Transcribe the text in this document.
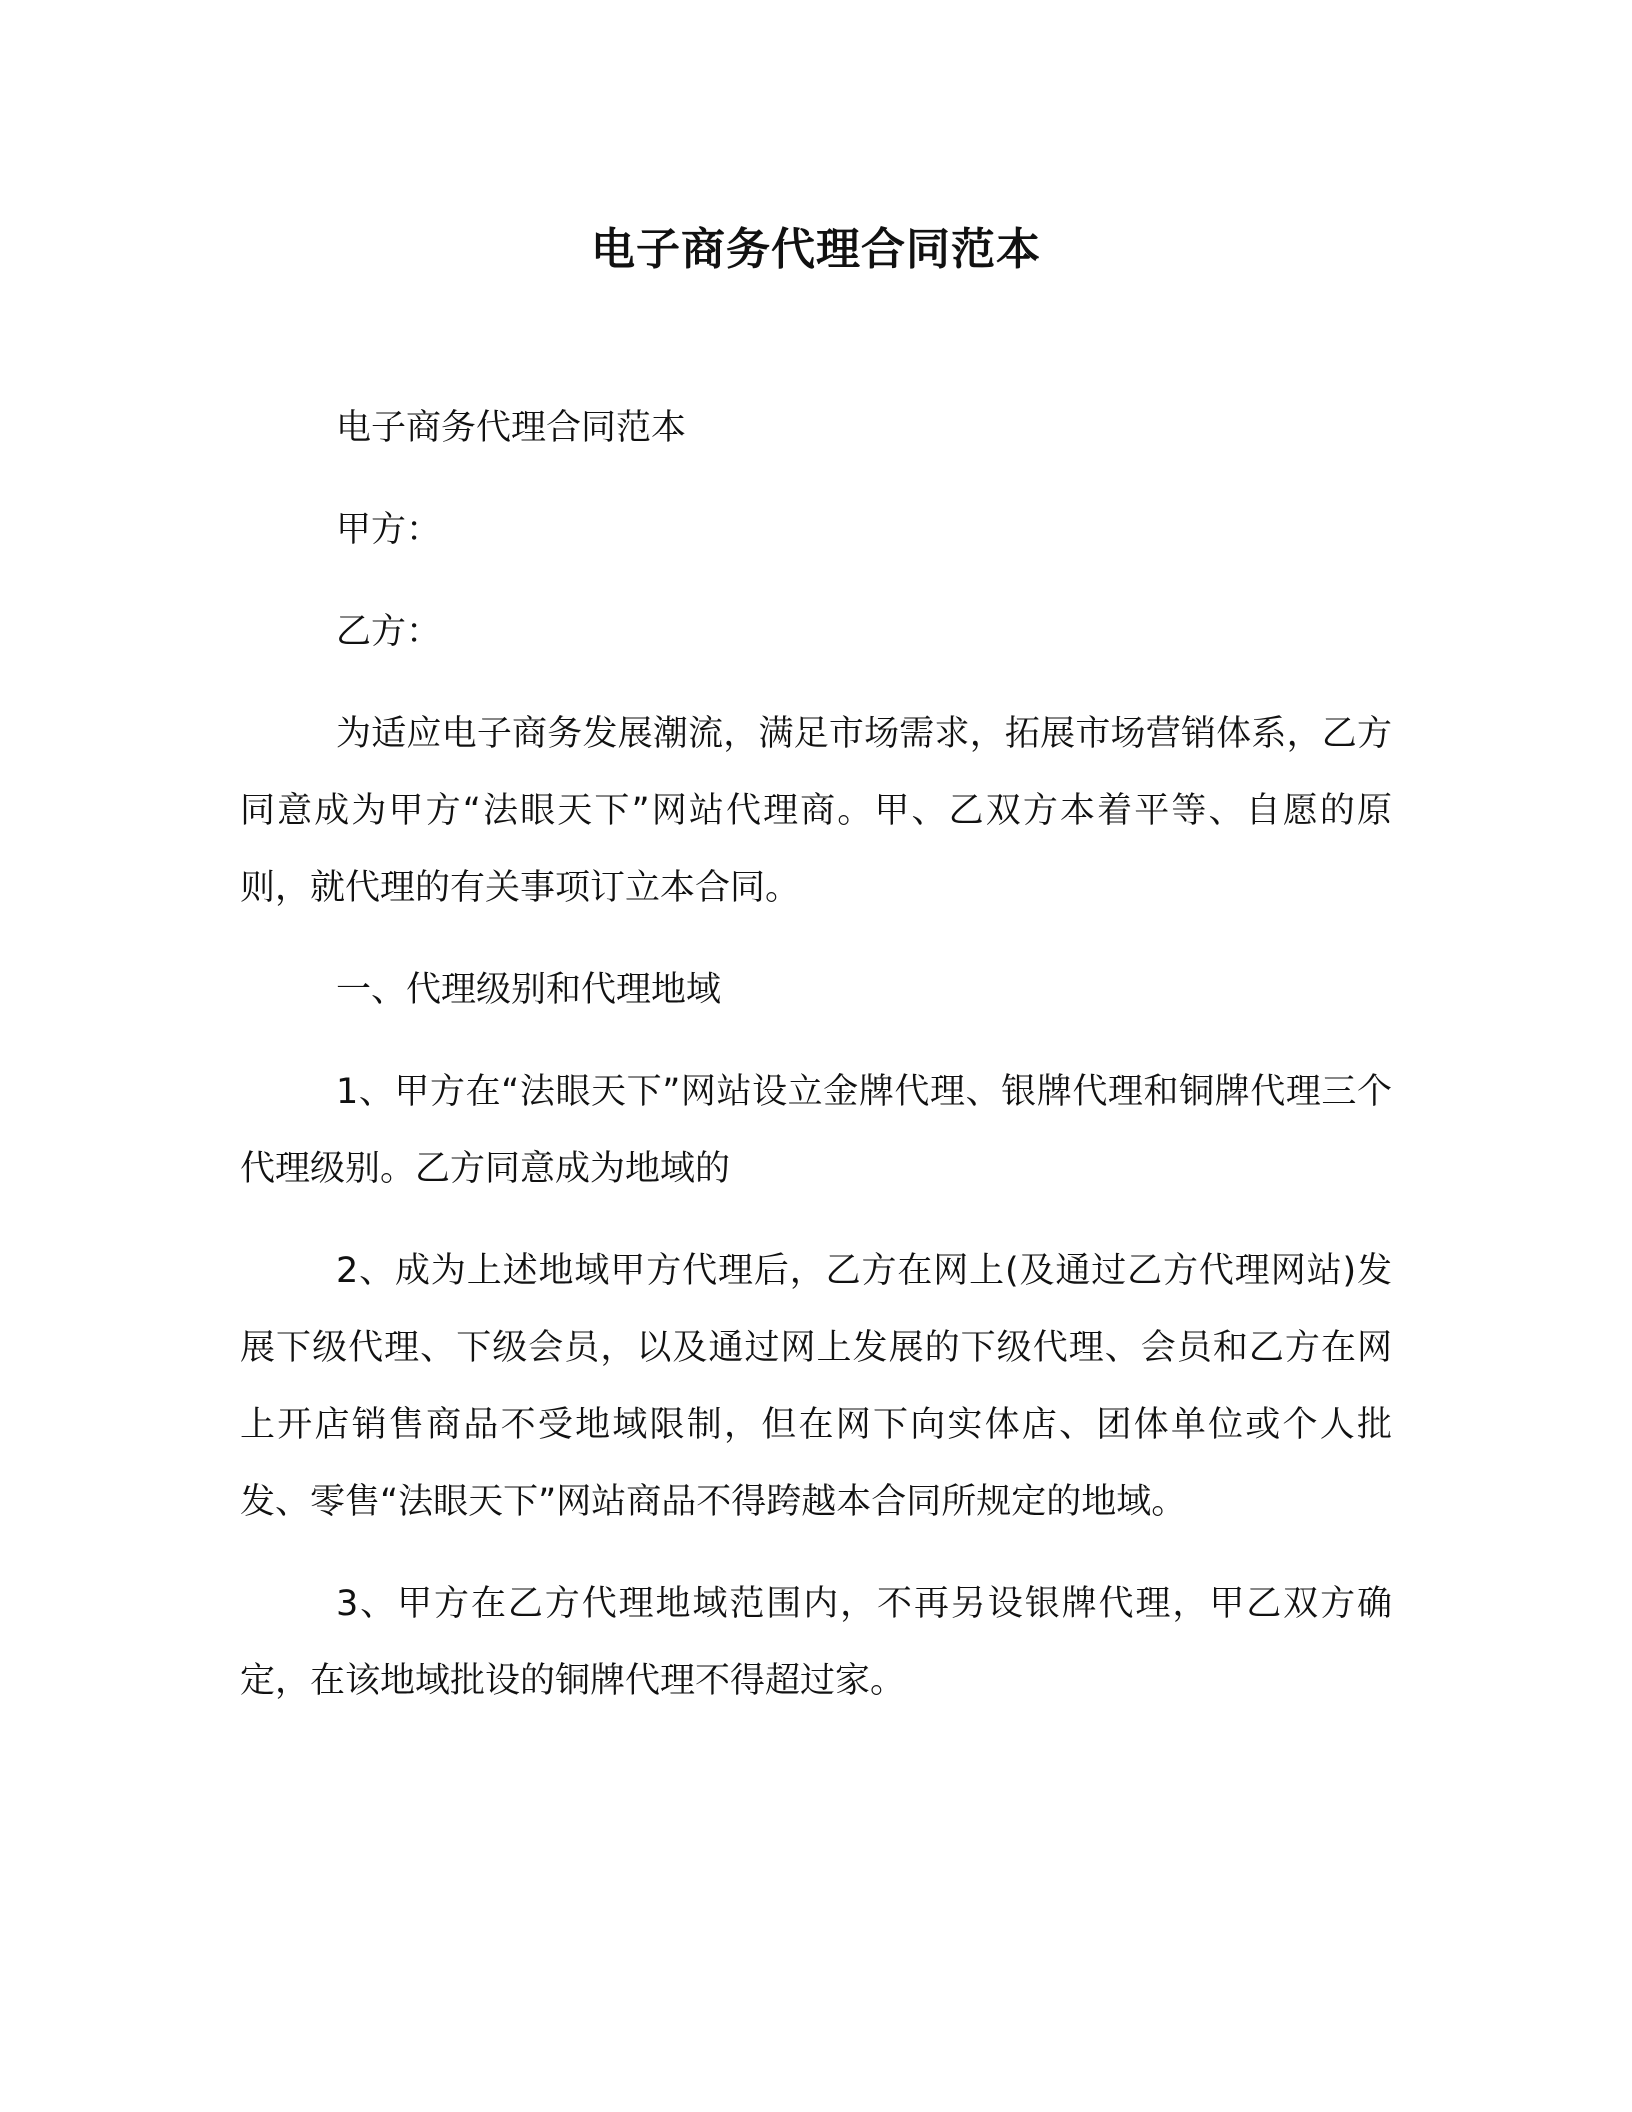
电子商务代理合同范本

电子商务代理合同范本

甲方：

乙方：

为适应电子商务发展潮流，满足市场需求，拓展市场营销体系，乙方同意成为甲方“法眼天下”网站代理商。甲、乙双方本着平等、自愿的原则，就代理的有关事项订立本合同。

一、代理级别和代理地域

1、甲方在“法眼天下”网站设立金牌代理、银牌代理和铜牌代理三个代理级别。乙方同意成为地域的

2、成为上述地域甲方代理后，乙方在网上(及通过乙方代理网站)发展下级代理、下级会员，以及通过网上发展的下级代理、会员和乙方在网上开店销售商品不受地域限制，但在网下向实体店、团体单位或个人批发、零售“法眼天下”网站商品不得跨越本合同所规定的地域。

3、甲方在乙方代理地域范围内，不再另设银牌代理，甲乙双方确定，在该地域批设的铜牌代理不得超过家。
